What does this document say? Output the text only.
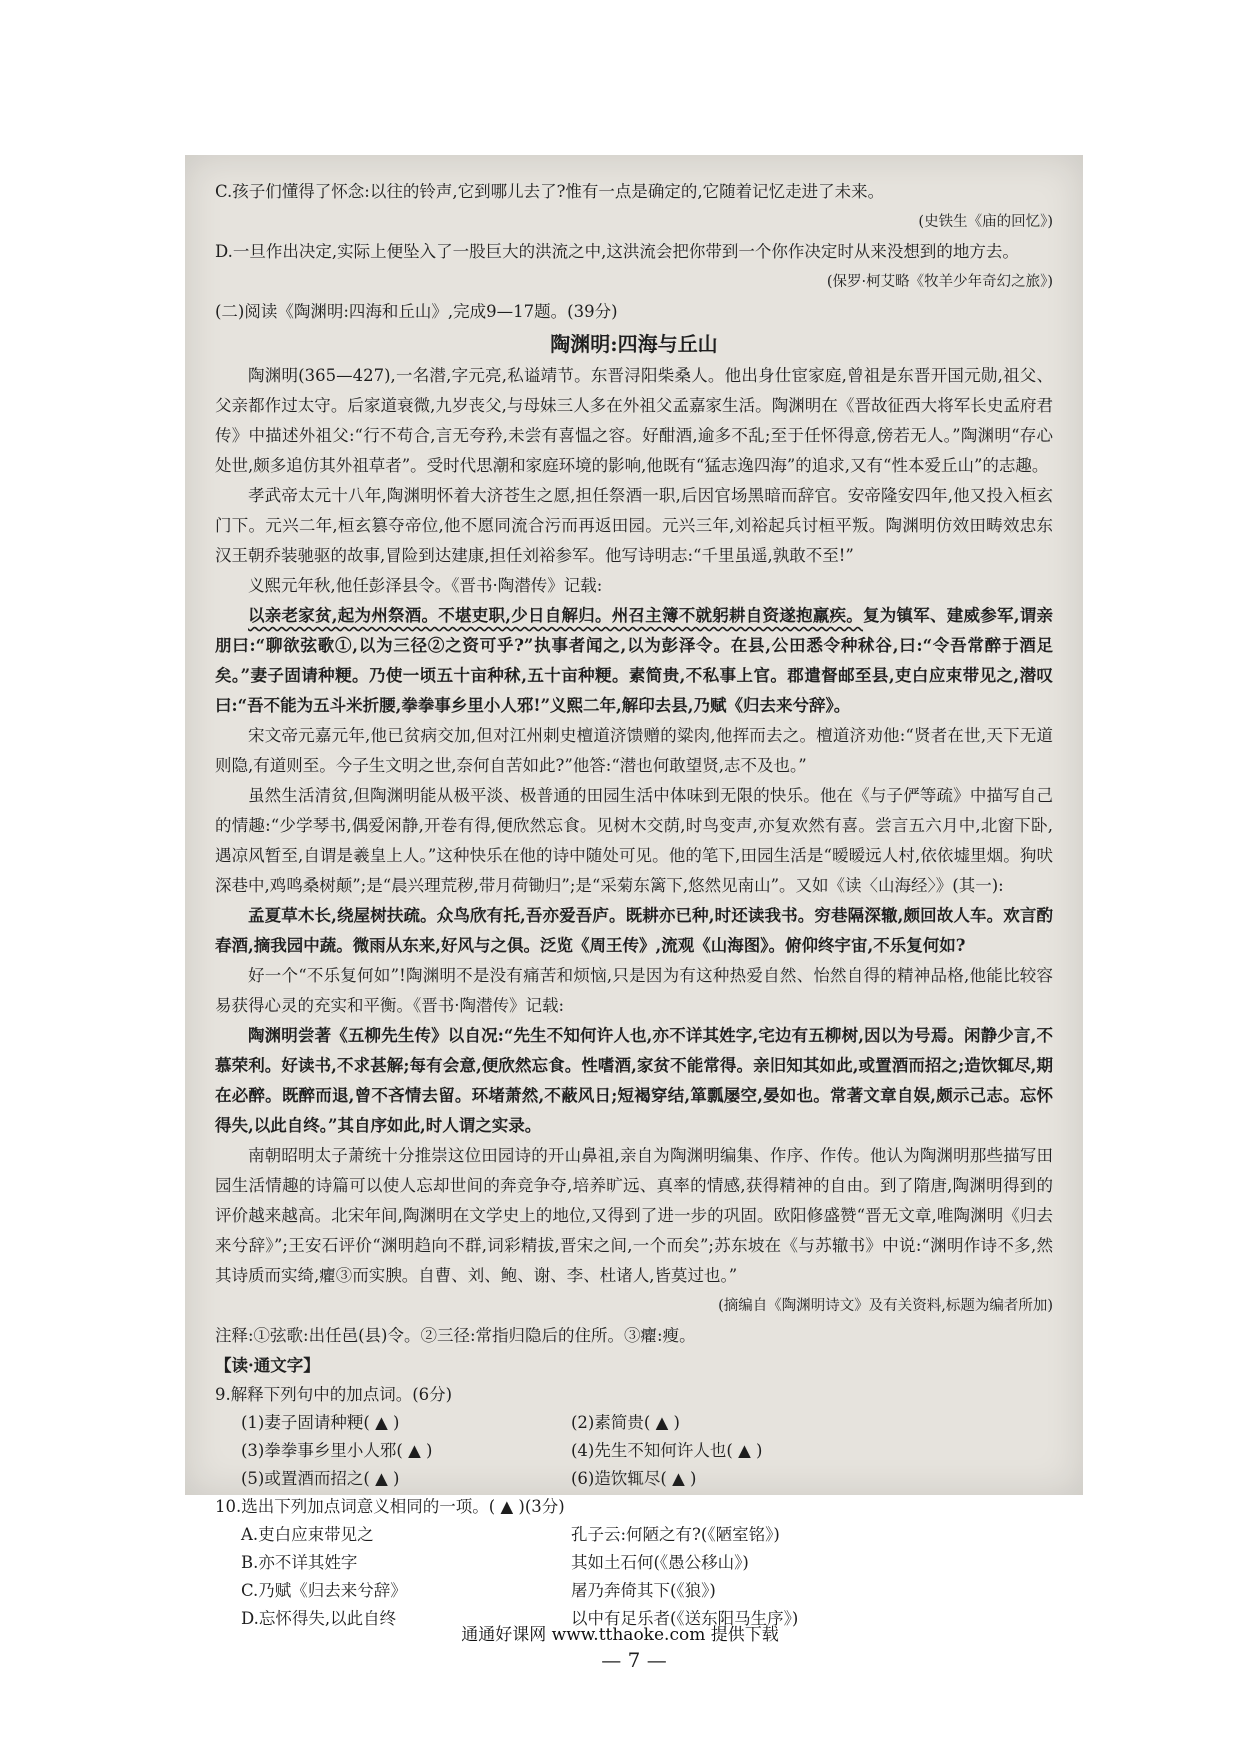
C.孩子们懂得了怀念:以往的铃声,它到哪儿去了?惟有一点是确定的,它随着记忆走进了未来。

(史铁生《庙的回忆》)

D.一旦作出决定,实际上便坠入了一股巨大的洪流之中,这洪流会把你带到一个你作决定时从来没想到的地方去。

(保罗·柯艾略《牧羊少年奇幻之旅》)

(二)阅读《陶渊明:四海和丘山》,完成9—17题。(39分)

陶渊明:四海与丘山

陶渊明(365—427),一名潜,字元亮,私谥靖节。东晋浔阳柴桑人。他出身仕宦家庭,曾祖是东晋开国元勋,祖父、父亲都作过太守。后家道衰微,九岁丧父,与母妹三人多在外祖父孟嘉家生活。陶渊明在《晋故征西大将军长史孟府君传》中描述外祖父:“行不苟合,言无夸矜,未尝有喜愠之容。好酣酒,逾多不乱;至于任怀得意,傍若无人。”陶渊明“存心处世,颇多追仿其外祖草者”。受时代思潮和家庭环境的影响,他既有“猛志逸四海”的追求,又有“性本爱丘山”的志趣。

孝武帝太元十八年,陶渊明怀着大济苍生之愿,担任祭酒一职,后因官场黑暗而辞官。安帝隆安四年,他又投入桓玄门下。元兴二年,桓玄篡夺帝位,他不愿同流合污而再返田园。元兴三年,刘裕起兵讨桓平叛。陶渊明仿效田畴效忠东汉王朝乔装驰驱的故事,冒险到达建康,担任刘裕参军。他写诗明志:“千里虽遥,孰敢不至!”

义熙元年秋,他任彭泽县令。《晋书·陶潜传》记载:

以亲老家贫,起为州祭酒。不堪吏职,少日自解归。州召主簿不就躬耕自资遂抱羸疾。复为镇军、建威参军,谓亲朋曰:“聊欲弦歌①,以为三径②之资可乎?”执事者闻之,以为彭泽令。在县,公田悉令种秫谷,曰:“令吾常醉于酒足矣。”妻子固请种粳。乃使一顷五十亩种秫,五十亩种粳。素简贵,不私事上官。郡遣督邮至县,吏白应束带见之,潜叹曰:“吾不能为五斗米折腰,拳拳事乡里小人邪!”义熙二年,解印去县,乃赋《归去来兮辞》。

宋文帝元嘉元年,他已贫病交加,但对江州刺史檀道济馈赠的粱肉,他挥而去之。檀道济劝他:“贤者在世,天下无道则隐,有道则至。今子生文明之世,奈何自苦如此?”他答:“潜也何敢望贤,志不及也。”

虽然生活清贫,但陶渊明能从极平淡、极普通的田园生活中体味到无限的快乐。他在《与子俨等疏》中描写自己的情趣:“少学琴书,偶爱闲静,开卷有得,便欣然忘食。见树木交荫,时鸟变声,亦复欢然有喜。尝言五六月中,北窗下卧,遇凉风暂至,自谓是羲皇上人。”这种快乐在他的诗中随处可见。他的笔下,田园生活是“暧暧远人村,依依墟里烟。狗吠深巷中,鸡鸣桑树颠”;是“晨兴理荒秽,带月荷锄归”;是“采菊东篱下,悠然见南山”。又如《读〈山海经〉》(其一):

孟夏草木长,绕屋树扶疏。众鸟欣有托,吾亦爱吾庐。既耕亦已种,时还读我书。穷巷隔深辙,颇回故人车。欢言酌春酒,摘我园中蔬。微雨从东来,好风与之俱。泛览《周王传》,流观《山海图》。俯仰终宇宙,不乐复何如?

好一个“不乐复何如”!陶渊明不是没有痛苦和烦恼,只是因为有这种热爱自然、怡然自得的精神品格,他能比较容易获得心灵的充实和平衡。《晋书·陶潜传》记载:

陶渊明尝著《五柳先生传》以自况:“先生不知何许人也,亦不详其姓字,宅边有五柳树,因以为号焉。闲静少言,不慕荣利。好读书,不求甚解;每有会意,便欣然忘食。性嗜酒,家贫不能常得。亲旧知其如此,或置酒而招之;造饮辄尽,期在必醉。既醉而退,曾不吝情去留。环堵萧然,不蔽风日;短褐穿结,箪瓢屡空,晏如也。常著文章自娱,颇示己志。忘怀得失,以此自终。”其自序如此,时人谓之实录。

南朝昭明太子萧统十分推崇这位田园诗的开山鼻祖,亲自为陶渊明编集、作序、作传。他认为陶渊明那些描写田园生活情趣的诗篇可以使人忘却世间的奔竞争夺,培养旷远、真率的情感,获得精神的自由。到了隋唐,陶渊明得到的评价越来越高。北宋年间,陶渊明在文学史上的地位,又得到了进一步的巩固。欧阳修盛赞“晋无文章,唯陶渊明《归去来兮辞》”;王安石评价“渊明趋向不群,词彩精拔,晋宋之间,一个而矣”;苏东坡在《与苏辙书》中说:“渊明作诗不多,然其诗质而实绮,癯③而实腴。自曹、刘、鲍、谢、李、杜诸人,皆莫过也。”

(摘编自《陶渊明诗文》及有关资料,标题为编者所加)

注释:①弦歌:出任邑(县)令。②三径:常指归隐后的住所。③癯:瘦。

【读·通文字】

9.解释下列句中的加点词。(6分)

(1)妻子固请种粳( ▲ )	(2)素简贵( ▲ )
(3)拳拳事乡里小人邪( ▲ )	(4)先生不知何许人也( ▲ )
(5)或置酒而招之( ▲ )	(6)造饮辄尽( ▲ )

10.选出下列加点词意义相同的一项。( ▲ )(3分)

A.吏白应束带见之	孔子云:何陋之有?(《陋室铭》)
B.亦不详其姓字	其如土石何(《愚公移山》)
C.乃赋《归去来兮辞》	屠乃奔倚其下(《狼》)
D.忘怀得失,以此自终	以中有足乐者(《送东阳马生序》)

— 7 —

通通好课网 www.tthaoke.com 提供下载
